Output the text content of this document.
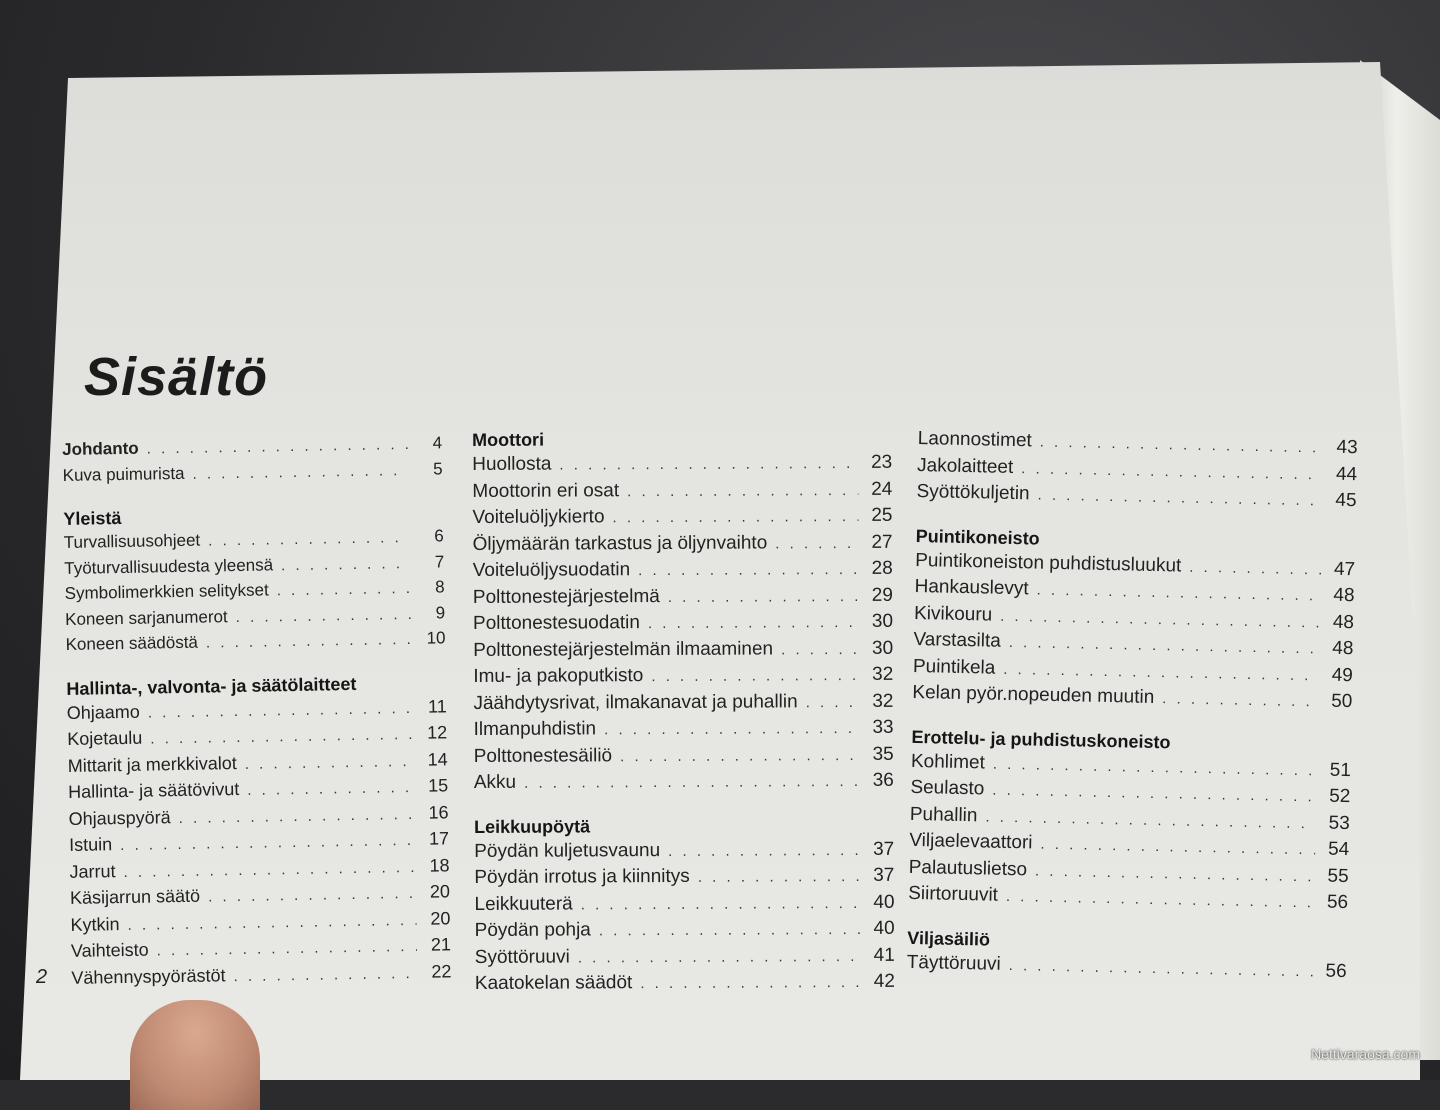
Sisältö
Johdanto . . .	4
Kuva puimurista . . .	5
Yleistä
Turvallisuusohjeet . . .	6
Työturvallisuudesta yleensä . . .	7
Symbolimerkkien selitykset . . .	8
Koneen sarjanumerot . . .	9
Koneen säädöstä . . .	10
Hallinta-, valvonta- ja säätölaitteet
Ohjaamo . . .	11
Kojetaulu . . .	12
Mittarit ja merkkivalot . . .	14
Hallinta- ja säätövivut . . .	15
Ohjauspyörä . . .	16
Istuin . . .	17
Jarrut . . .	18
Käsijarrun säätö . . .	20
Kytkin . . .	20
Vaihteisto . . .	21
Vähennyspyörästöt . . .	22
Moottori
Huollosta . . .	23
Moottorin eri osat . . .	24
Voiteluöljykierto . . .	25
Öljymäärän tarkastus ja öljynvaihto . . .	27
Voiteluöljysuodatin . . .	28
Polttonestejärjestelmä . . .	29
Polttonestesuodatin . . .	30
Polttonestejärjestelmän ilmaaminen . . .	30
Imu- ja pakoputkisto . . .	32
Jäähdytysrivat, ilmakanavat ja puhallin . . .	32
Ilmanpuhdistin . . .	33
Polttonestesäiliö . . .	35
Akku . . .	36
Leikkuupöytä
Pöydän kuljetusvaunu . . .	37
Pöydän irrotus ja kiinnitys . . .	37
Leikkuuterä . . .	40
Pöydän pohja . . .	40
Syöttöruuvi . . .	41
Kaatokelan säädöt . . .	42
Laonnostimet . . .	43
Jakolaitteet . . .	44
Syöttökuljetin . . .	45
Puintikoneisto
Puintikoneiston puhdistusluukut . . .	47
Hankauslevyt . . .	48
Kivikouru . . .	48
Varstasilta . . .	48
Puintikela . . .	49
Kelan pyör.nopeuden muutin . . .	50
Erottelu- ja puhdistuskoneisto
Kohlimet . . .	51
Seulasto . . .	52
Puhallin . . .	53
Viljaelevaattori . . .	54
Palautuslietso . . .	55
Siirtoruuvit . . .	56
Viljasäiliö
Täyttöruuvi . . .	56
2
Nettivaraosa.com
